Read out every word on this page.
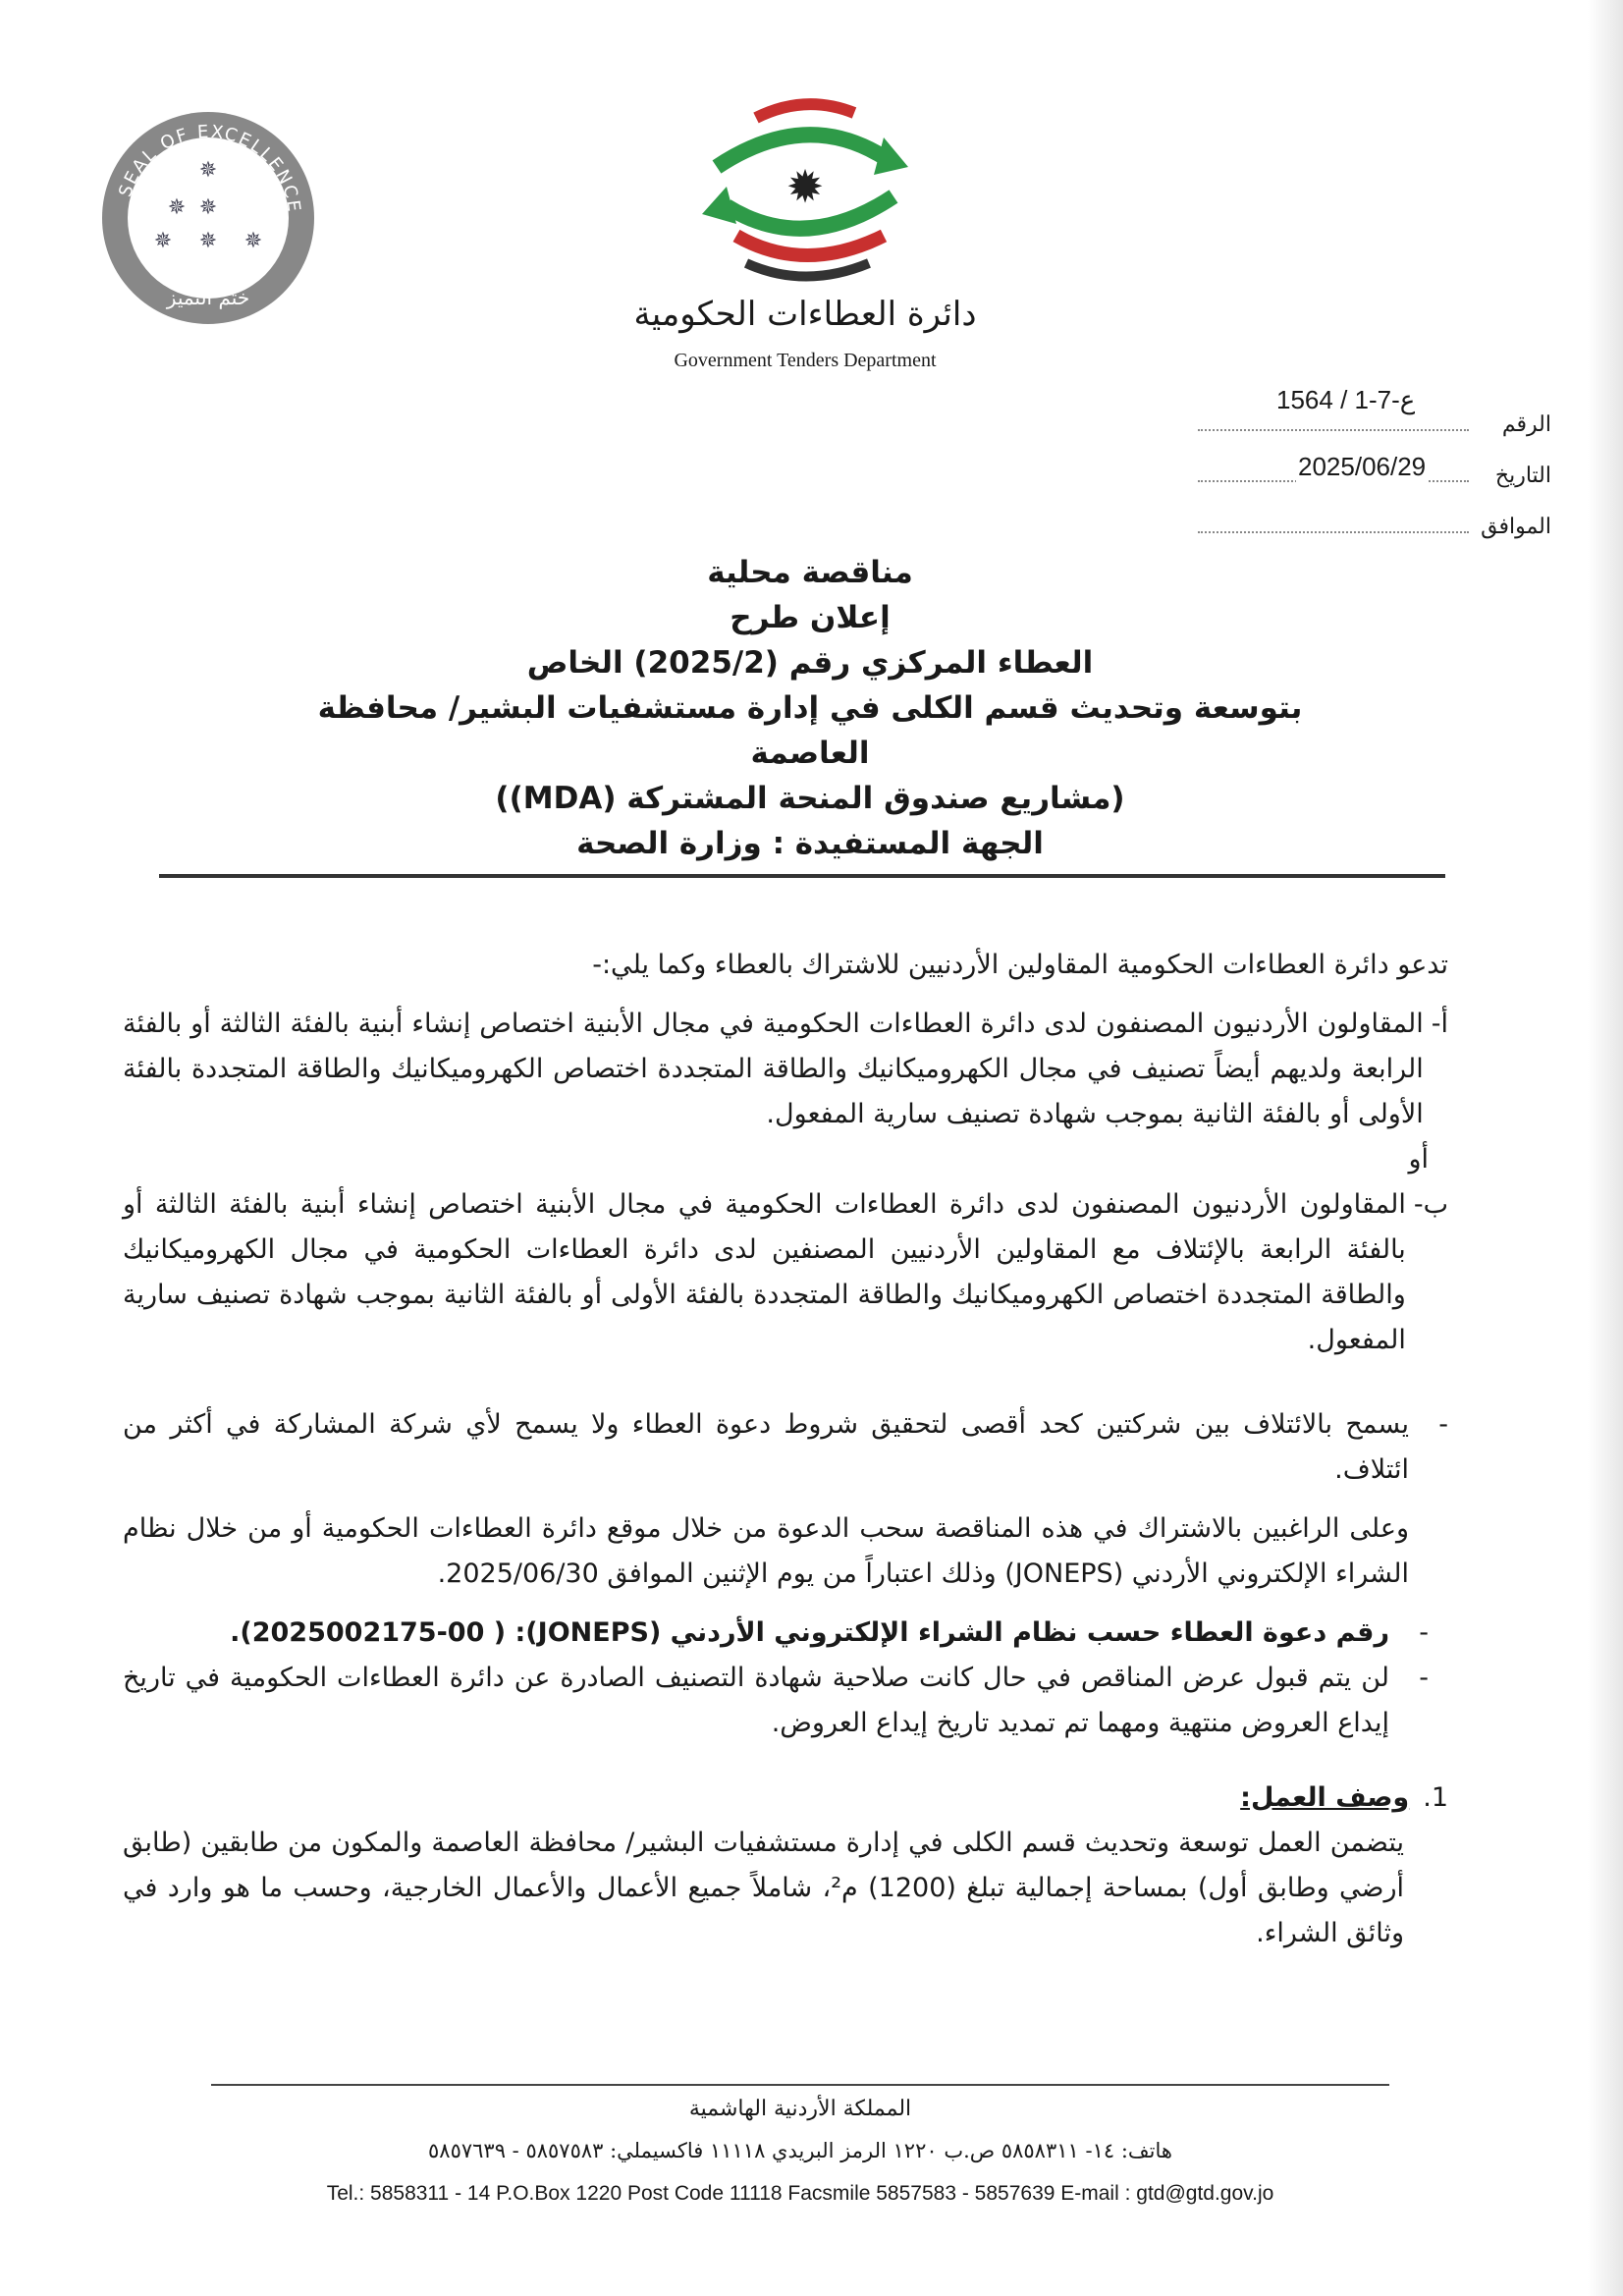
SEAL OF EXCELLENCE
ختم التميز
✵
✵ ✵
✵ ✵ ✵
✹
دائرة العطاءات الحكومية
Government Tenders Department
ع-7-1 / 1564
الرقم
التاريخ
2025/06/29
الموافق
مناقصة محلية
إعلان طرح
العطاء المركزي رقم (2025/2) الخاص
بتوسعة وتحديث قسم الكلى في إدارة مستشفيات البشير/ محافظة العاصمة
(مشاريع صندوق المنحة المشتركة (MDA))
الجهة المستفيدة : وزارة الصحة

تدعو دائرة العطاءات الحكومية المقاولين الأردنيين للاشتراك بالعطاء وكما يلي:-

أ-
المقاولون الأردنيون المصنفون لدى دائرة العطاءات الحكومية في مجال الأبنية اختصاص إنشاء أبنية بالفئة الثالثة أو بالفئة الرابعة ولديهم أيضاً تصنيف في مجال الكهروميكانيك والطاقة المتجددة اختصاص الكهروميكانيك والطاقة المتجددة بالفئة الأولى أو بالفئة الثانية بموجب شهادة تصنيف سارية المفعول.
أو
ب-
المقاولون الأردنيون المصنفون لدى دائرة العطاءات الحكومية في مجال الأبنية اختصاص إنشاء أبنية بالفئة الثالثة أو بالفئة الرابعة بالإئتلاف مع المقاولين الأردنيين المصنفين لدى دائرة العطاءات الحكومية في مجال الكهروميكانيك والطاقة المتجددة اختصاص الكهروميكانيك والطاقة المتجددة بالفئة الأولى أو بالفئة الثانية بموجب شهادة تصنيف سارية المفعول.
-
يسمح بالائتلاف بين شركتين كحد أقصى لتحقيق شروط دعوة العطاء ولا يسمح لأي شركة المشاركة في أكثر من ائتلاف.

وعلى الراغبين بالاشتراك في هذه المناقصة سحب الدعوة من خلال موقع دائرة العطاءات الحكومية أو من خلال نظام الشراء الإلكتروني الأردني (JONEPS) وذلك اعتباراً من يوم الإثنين الموافق 2025/06/30.

-
رقم دعوة العطاء حسب نظام الشراء الإلكتروني الأردني (JONEPS): ( 2025002175-00).
-
لن يتم قبول عرض المناقص في حال كانت صلاحية شهادة التصنيف الصادرة عن دائرة العطاءات الحكومية في تاريخ إيداع العروض منتهية ومهما تم تمديد تاريخ إيداع العروض.
1.
وصف العمل:

يتضمن العمل توسعة وتحديث قسم الكلى في إدارة مستشفيات البشير/ محافظة العاصمة والمكون من طابقين (طابق أرضي وطابق أول) بمساحة إجمالية تبلغ (1200) م²، شاملاً جميع الأعمال والأعمال الخارجية، وحسب ما هو وارد في وثائق الشراء.

المملكة الأردنية الهاشمية
هاتف: ١٤- ٥٨٥٨٣١١ ص.ب ١٢٢٠ الرمز البريدي ١١١١٨ فاكسيملي: ٥٨٥٧٥٨٣ - ٥٨٥٧٦٣٩
Tel.: 5858311 - 14 P.O.Box 1220 Post Code 11118 Facsmile 5857583 - 5857639 E-mail : gtd@gtd.gov.jo
